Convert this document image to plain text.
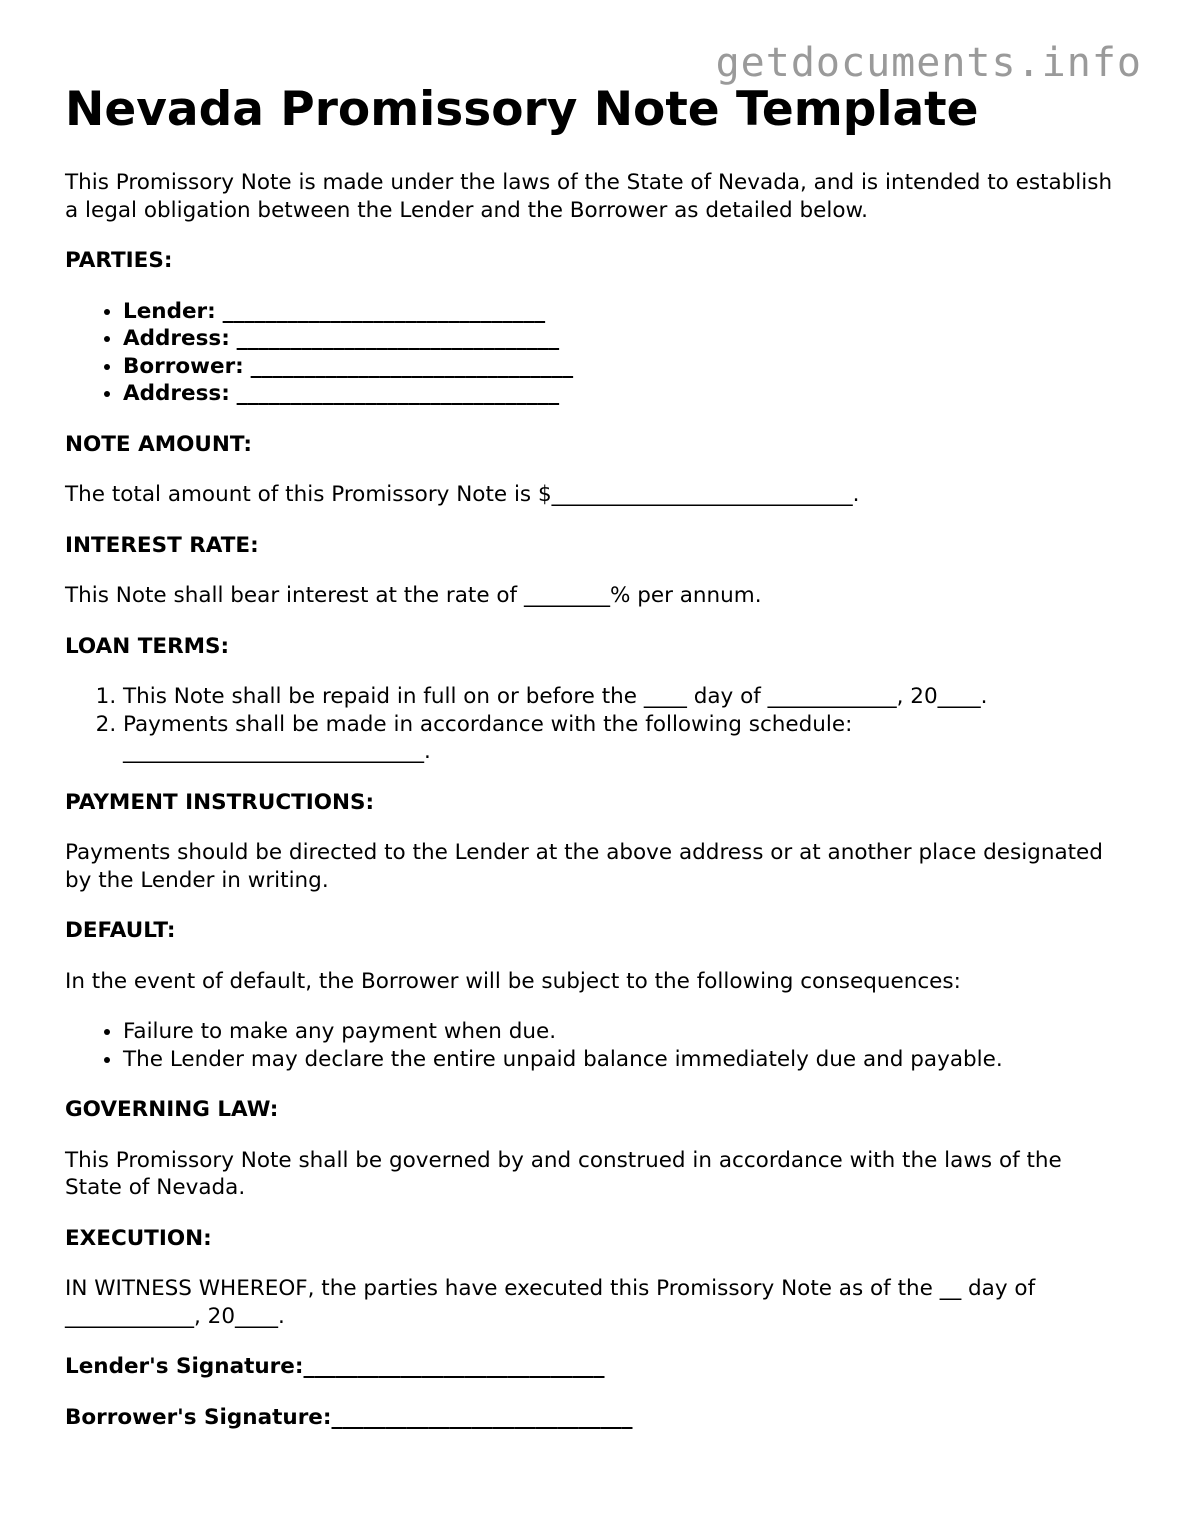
getdocuments.info
Nevada Promissory Note Template

This Promissory Note is made under the laws of the State of Nevada, and is intended to establish a legal obligation between the Lender and the Borrower as detailed below.

PARTIES:

• Lender: ______________________________
• Address: ______________________________
• Borrower: ______________________________
• Address: ______________________________

NOTE AMOUNT:

The total amount of this Promissory Note is $____________________________.

INTEREST RATE:

This Note shall bear interest at the rate of ________% per annum.

LOAN TERMS:

1. This Note shall be repaid in full on or before the ____ day of ____________, 20____.
2. Payments shall be made in accordance with the following schedule: ____________________________.

PAYMENT INSTRUCTIONS:

Payments should be directed to the Lender at the above address or at another place designated by the Lender in writing.

DEFAULT:

In the event of default, the Borrower will be subject to the following consequences:

• Failure to make any payment when due.
• The Lender may declare the entire unpaid balance immediately due and payable.

GOVERNING LAW:

This Promissory Note shall be governed by and construed in accordance with the laws of the State of Nevada.

EXECUTION:

IN WITNESS WHEREOF, the parties have executed this Promissory Note as of the __ day of ____________, 20____.

Lender's Signature:____________________________

Borrower's Signature:____________________________
